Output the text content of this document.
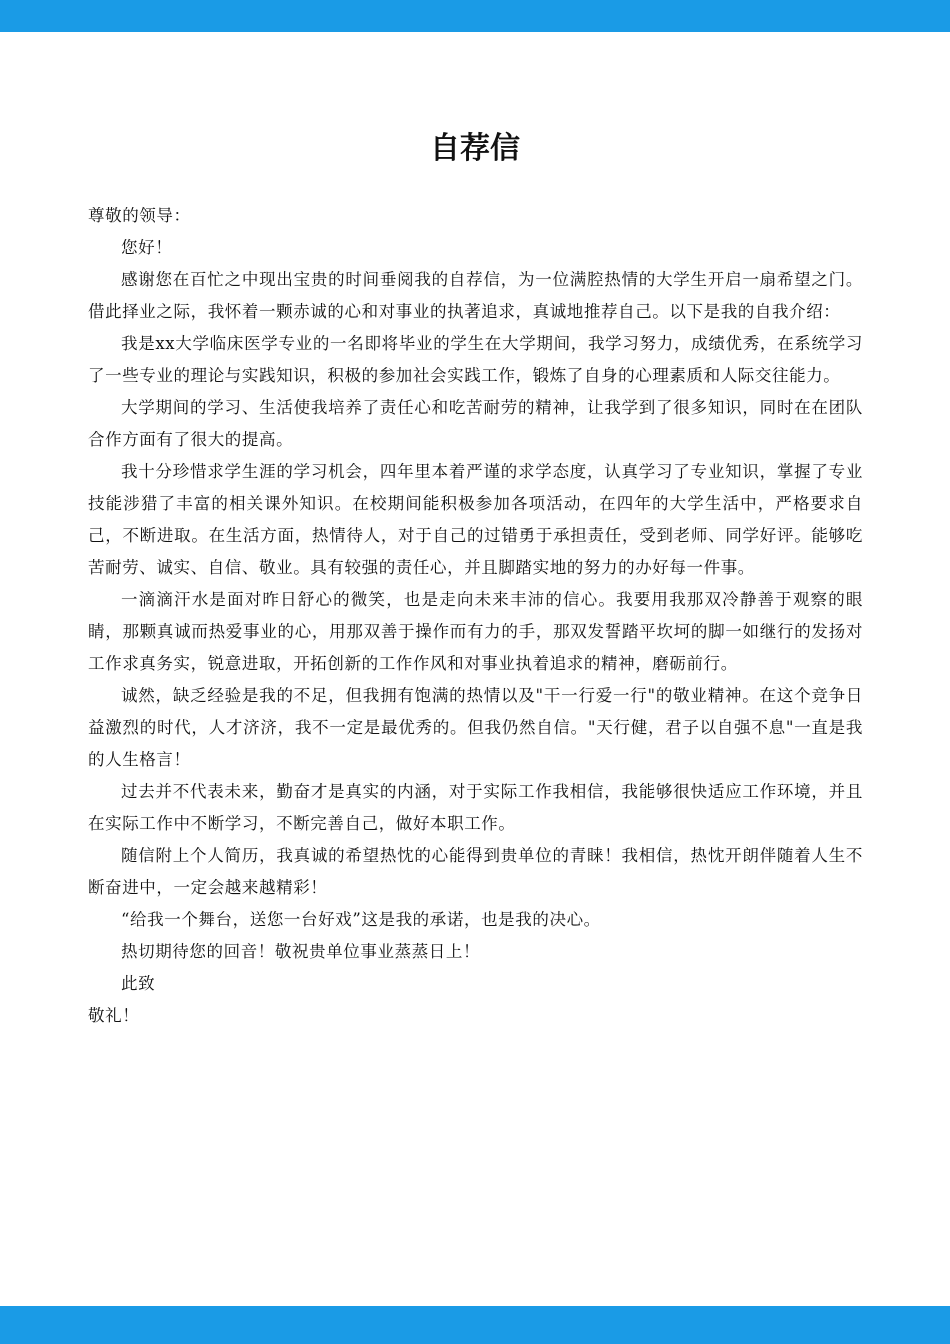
自荐信

尊敬的领导：

您好！

感谢您在百忙之中现出宝贵的时间垂阅我的自荐信，为一位满腔热情的大学生开启一扇希望之门。借此择业之际，我怀着一颗赤诚的心和对事业的执著追求，真诚地推荐自己。以下是我的自我介绍：

我是xx大学临床医学专业的一名即将毕业的学生在大学期间，我学习努力，成绩优秀，在系统学习了一些专业的理论与实践知识，积极的参加社会实践工作，锻炼了自身的心理素质和人际交往能力。

大学期间的学习、生活使我培养了责任心和吃苦耐劳的精神，让我学到了很多知识，同时在在团队合作方面有了很大的提高。

我十分珍惜求学生涯的学习机会，四年里本着严谨的求学态度，认真学习了专业知识，掌握了专业技能涉猎了丰富的相关课外知识。在校期间能积极参加各项活动，在四年的大学生活中，严格要求自己，不断进取。在生活方面，热情待人，对于自己的过错勇于承担责任，受到老师、同学好评。能够吃苦耐劳、诚实、自信、敬业。具有较强的责任心，并且脚踏实地的努力的办好每一件事。

一滴滴汗水是面对昨日舒心的微笑，也是走向未来丰沛的信心。我要用我那双冷静善于观察的眼睛，那颗真诚而热爱事业的心，用那双善于操作而有力的手，那双发誓踏平坎坷的脚一如继行的发扬对工作求真务实，锐意进取，开拓创新的工作作风和对事业执着追求的精神，磨砺前行。

诚然，缺乏经验是我的不足，但我拥有饱满的热情以及"干一行爱一行"的敬业精神。在这个竞争日益激烈的时代，人才济济，我不一定是最优秀的。但我仍然自信。"天行健，君子以自强不息"一直是我的人生格言！

过去并不代表未来，勤奋才是真实的内涵，对于实际工作我相信，我能够很快适应工作环境，并且在实际工作中不断学习，不断完善自己，做好本职工作。

随信附上个人简历，我真诚的希望热忱的心能得到贵单位的青睐！我相信，热忱开朗伴随着人生不断奋进中，一定会越来越精彩！

“给我一个舞台，送您一台好戏”这是我的承诺，也是我的决心。

热切期待您的回音！敬祝贵单位事业蒸蒸日上！

此致

敬礼！
